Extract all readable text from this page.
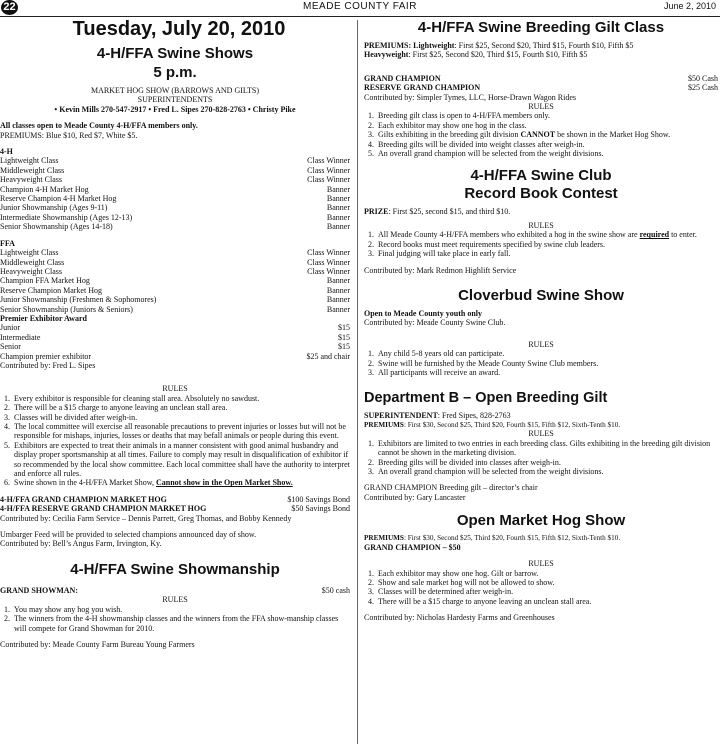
22	MEADE COUNTY FAIR	June 2, 2010
Tuesday, July 20, 2010
4-H/FFA Swine Shows
5 p.m.
MARKET HOG SHOW (BARROWS AND GILTS)
SUPERINTENDENTS
• Kevin Mills 270-547-2917 • Fred L. Sipes 270-828-2763 • Christy Pike
All classes open to Meade County 4-H/FFA members only.
PREMIUMS: Blue $10, Red $7, White $5.
4-H
Lightweight Class	Class Winner
Middleweight Class	Class Winner
Heavyweight Class	Class Winner
Champion 4-H Market Hog	Banner
Reserve Champion 4-H Market Hog	Banner
Junior Showmanship (Ages 9-11)	Banner
Intermediate Showmanship (Ages 12-13)	Banner
Senior Showmanship (Ages 14-18)	Banner
FFA
Lightweight Class	Class Winner
Middleweight Class	Class Winner
Heavyweight Class	Class Winner
Champion FFA Market Hog	Banner
Reserve Champion Market Hog	Banner
Junior Showmanship (Freshmen & Sophomores)	Banner
Senior Showmanship (Juniors & Seniors)	Banner
Premier Exhibitor Award
Junior	$15
Intermediate	$15
Senior	$15
Champion premier exhibitor	$25 and chair
Contributed by: Fred L. Sipes
RULES
1. Every exhibitor is responsible for cleaning stall area. Absolutely no sawdust.
2. There will be a $15 charge to anyone leaving an unclean stall area.
3. Classes will be divided after weigh-in.
4. The local committee will exercise all reasonable precautions to prevent injuries or losses but will not be responsible for mishaps, injuries, losses or deaths that may befall animals or people during this event.
5. Exhibitors are expected to treat their animals in a manner consistent with good animal husbandry and display proper sportsmanship at all times. Failure to comply may result in disqualification of exhibitor if so recommended by the local show committee. Each local committee shall have the authority to interpret and enforce all rules.
6. Swine shown in the 4-H/FFA Market Show, Cannot show in the Open Market Show.
4-H/FFA GRAND CHAMPION MARKET HOG	$100 Savings Bond
4-H/FFA RESERVE GRAND CHAMPION MARKET HOG	$50 Savings Bond
Contributed by: Cecilia Farm Service – Dennis Parrett, Greg Thomas, and Bobby Kennedy
Umbarger Feed will be provided to selected champions announced day of show.
Contributed by: Bell’s Angus Farm, Irvington, Ky.
4-H/FFA Swine Showmanship
GRAND SHOWMAN:	$50 cash
RULES
1. You may show any hog you wish.
2. The winners from the 4-H showmanship classes and the winners from the FFA show-manship classes will compete for Grand Showman for 2010.
Contributed by: Meade County Farm Bureau Young Farmers
4-H/FFA Swine Breeding Gilt Class
PREMIUMS: Lightweight: First $25, Second $20, Third $15, Fourth $10, Fifth $5
Heavyweight: First $25, Second $20, Third $15, Fourth $10, Fifth $5
GRAND CHAMPION	$50 Cash
RESERVE GRAND CHAMPION	$25 Cash
Contributed by: Simpler Tymes, LLC, Horse-Drawn Wagon Rides
RULES
1. Breeding gilt class is open to 4-H/FFA members only.
2. Each exhibitor may show one hog in the class.
3. Gilts exhibiting in the breeding gilt division CANNOT be shown in the Market Hog Show.
4. Breeding gilts will be divided into weight classes after weigh-in.
5. An overall grand champion will be selected from the weight divisions.
4-H/FFA Swine Club
Record Book Contest
PRIZE: First $25, second $15, and third $10.
RULES
1. All Meade County 4-H/FFA members who exhibited a hog in the swine show are required to enter.
2. Record books must meet requirements specified by swine club leaders.
3. Final judging will take place in early fall.
Contributed by: Mark Redmon Highlift Service
Cloverbud Swine Show
Open to Meade County youth only
Contributed by: Meade County Swine Club.
RULES
1. Any child 5-8 years old can participate.
2. Swine will be furnished by the Meade County Swine Club members.
3. All participants will receive an award.
Department B – Open Breeding Gilt
SUPERINTENDENT: Fred Sipes, 828-2763
PREMIUMS: First $30, Second $25, Third $20, Fourth $15, Fifth $12, Sixth-Tenth $10.
RULES
1. Exhibitors are limited to two entries in each breeding class. Gilts exhibiting in the breeding gilt division cannot be shown in the marketing division.
2. Breeding gilts will be divided into classes after weigh-in.
3. An overall grand champion will be selected from the weight divisions.
GRAND CHAMPION Breeding gilt – director’s chair
Contributed by: Gary Lancaster
Open Market Hog Show
PREMIUMS: First $30, Second $25, Third $20, Fourth $15, Fifth $12, Sixth-Tenth $10.
GRAND CHAMPION – $50
RULES
1. Each exhibitor may show one hog. Gilt or barrow.
2. Show and sale market hog will not be allowed to show.
3. Classes will be determined after weigh-in.
4. There will be a $15 charge to anyone leaving an unclean stall area.
Contributed by: Nicholas Hardesty Farms and Greenhouses
